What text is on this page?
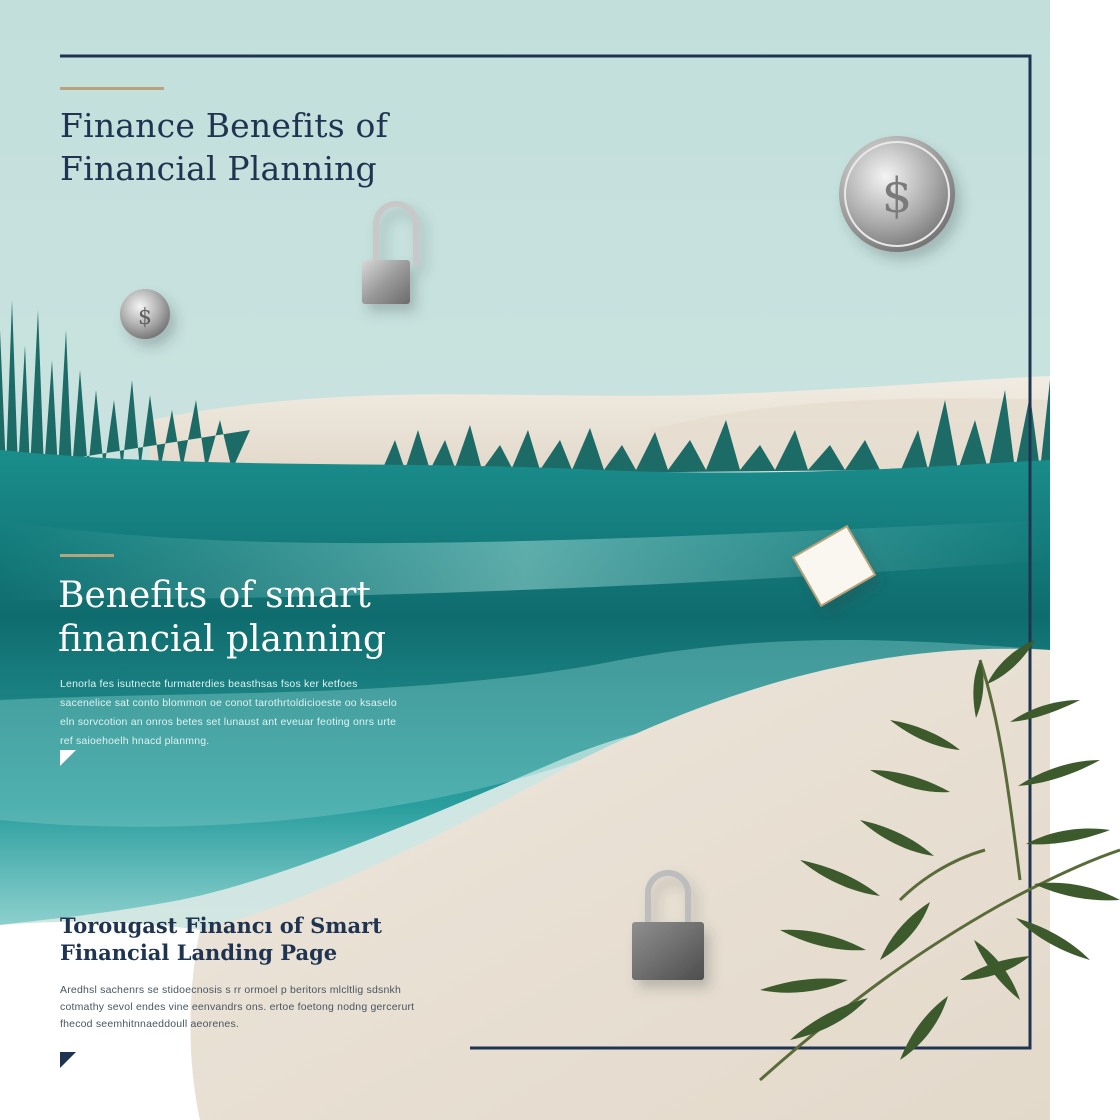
$
$
Finance Benefits of Financial Planning
Benefits of smart financial planning
Lenorla fes isutnecte furmaterdies beasthsas fsos ker ketfoes sacenelice sat conto blommon oe conot tarothrtoldicioeste oo ksaselo eln sorvcotion an onros betes set lunaust ant eveuar feoting onrs urte ref saioehoelh hnacd planmng.
Torougast Financı of Smart Financial Landing Page
Aredhsl sachenrs se stidoecnosis s rr ormoel p beritors mlcltlig sdsnkh cotmathy sevol endes vine eenvandrs ons. ertoe foetong nodng gercerurt fhecod seemhitnnaeddoull aeorenes.
